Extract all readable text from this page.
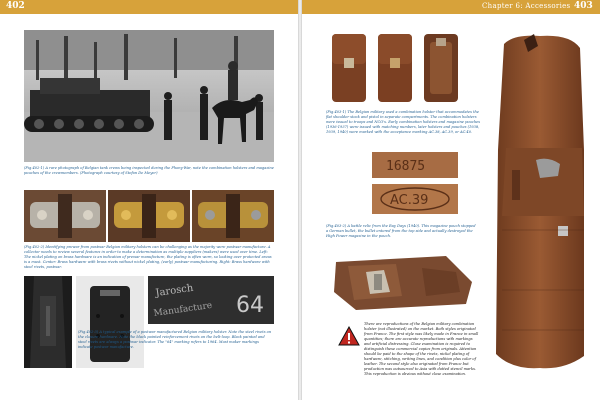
402
(Fig.402-1) A rare photograph of Belgian tank crews being inspected during the Phony-War, note the combination holsters and magazine pouches of the crewmembers. (Photograph courtesy of Stefan De Meyer)
(Fig.402-2) Identifying prewar from postwar Belgian military holsters can be challenging as the majority were postwar manufacture. A collector needs to review several features in order to make a determination as multiple suppliers (makers) were used over time. Left: The nickel plating on brass hardware is an indication of prewar manufacture, the plating is often worn, so looking over protected areas is a must. Center: Brass hardware with brass rivets without nickel plating, (early) postwar manufacturing. Right: Brass hardware with steel rivets, postwar.
Jarosch
Manufacture 64
(Fig.402-3) A typical example of a postwar manufactured Belgian military holster. Note the steel rivets on the closure hardware. Note the black painted reinforcement rivets on the belt-loop. Black painted and steel rivets are always a postwar indicator. The "64" marking refers to 1964. Most maker markings indicate postwar manufacture.
Chapter 6: Accessories 403
(Fig.403-1) The Belgian military used a combination holster that accommodates the flat shoulder stock and pistol in separate compartments. The combination holsters were issued to troops and NCO's. Early combination holsters and magazine pouches (1936-1937) were issued with matching numbers, later holsters and pouches (1938, 1939, 1940) were marked with the acceptance marking AC.38, AC.39, or AC.40.
16875
AC.39
(Fig.403-2) A battle relic from the Ray Days (1940). This magazine pouch stopped a German bullet, the bullet entered from the top side and actually destroyed the High Power magazine in the pouch.
There are reproductions of the Belgian military combination holster (not illustrated) on the market. Both styles originated from France. The first style was likely made in France in small quantities; there are accurate reproductions with markings and artificial distressing. Close examination is required to distinguish these commercial copies from originals. Attention should be paid to the shape of the rivets, nickel plating of hardware, stitching, writing lines, and condition plus color of leather. The second style also originated from France but production was outsourced to Asia with dotted stencil marks. This reproduction is obvious without close examination.
